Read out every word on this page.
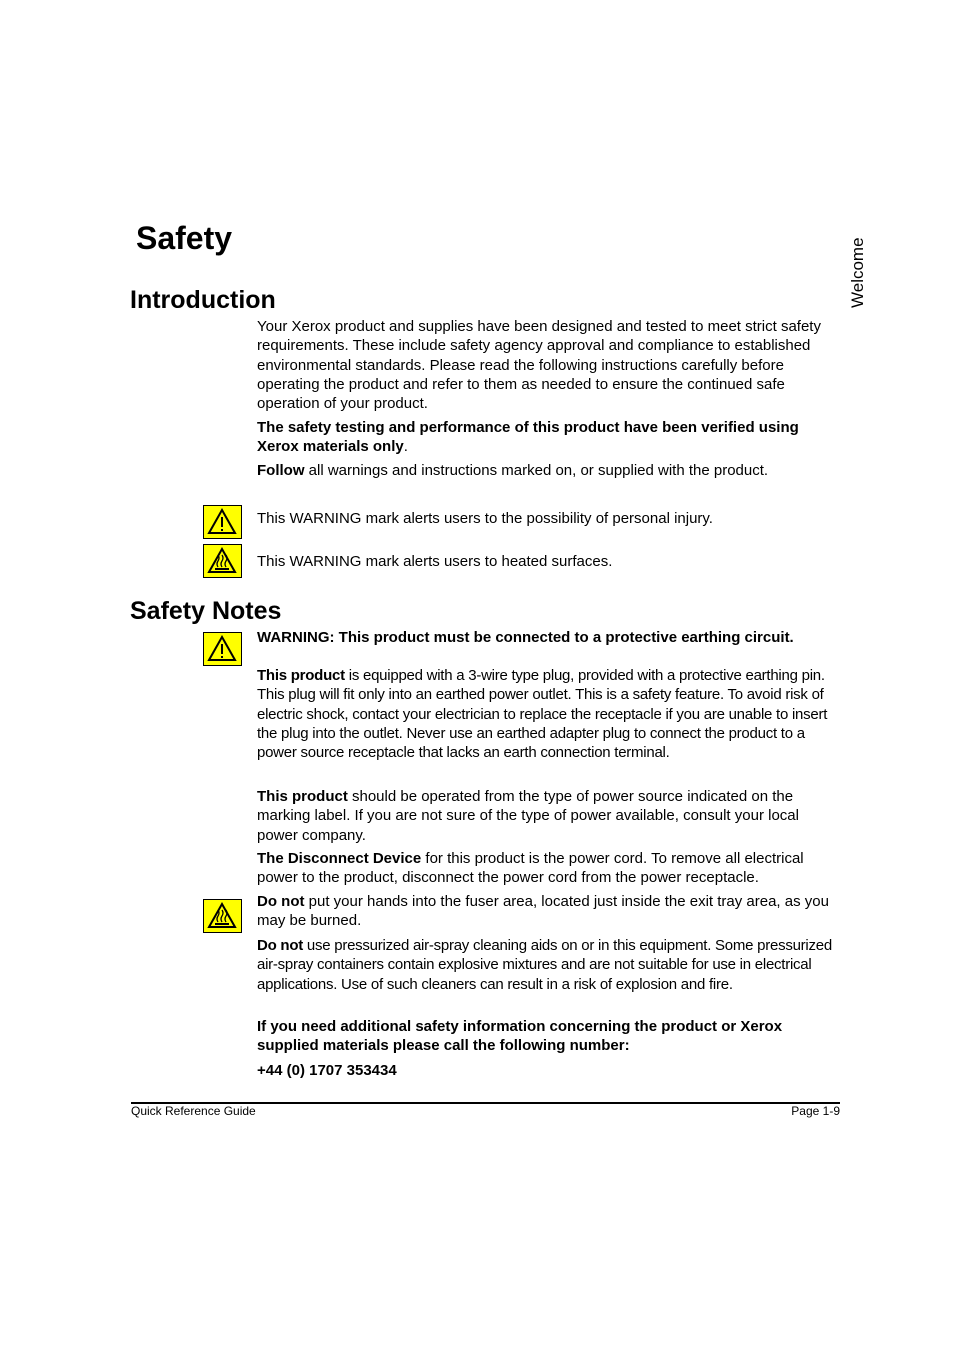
Safety	Welcome
Introduction

Your Xerox product and supplies have been designed and tested to meet strict safety requirements. These include safety agency approval and compliance to established environmental standards. Please read the following instructions carefully before operating the product and refer to them as needed to ensure the continued safe operation of your product.

The safety testing and performance of this product have been verified using Xerox materials only.

Follow all warnings and instructions marked on, or supplied with the product.

This WARNING mark alerts users to the possibility of personal injury.

This WARNING mark alerts users to heated surfaces.

Safety Notes

WARNING: This product must be connected to a protective earthing circuit.

This product is equipped with a 3-wire type plug, provided with a protective earthing pin. This plug will fit only into an earthed power outlet. This is a safety feature. To avoid risk of electric shock, contact your electrician to replace the receptacle if you are unable to insert the plug into the outlet. Never use an earthed adapter plug to connect the product to a power source receptacle that lacks an earth connection terminal.

This product should be operated from the type of power source indicated on the marking label. If you are not sure of the type of power available, consult your local power company.

The Disconnect Device for this product is the power cord. To remove all electrical power to the product, disconnect the power cord from the power receptacle.

Do not put your hands into the fuser area, located just inside the exit tray area, as you may be burned.

Do not use pressurized air-spray cleaning aids on or in this equipment. Some pressurized air-spray containers contain explosive mixtures and are not suitable for use in electrical applications. Use of such cleaners can result in a risk of explosion and fire.

If you need additional safety information concerning the product or Xerox supplied materials please call the following number:

+44 (0) 1707 353434

Quick Reference Guide	Page 1-9
